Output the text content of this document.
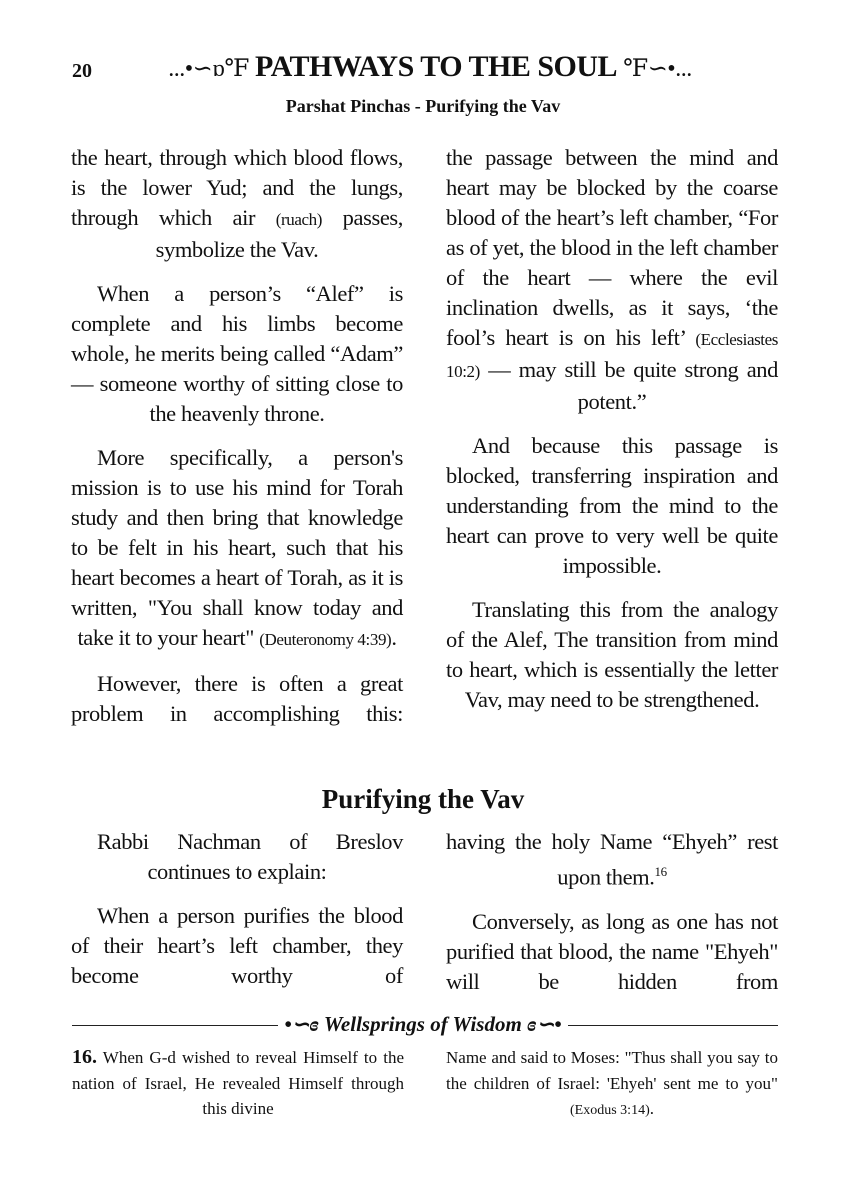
20	...•∽ɒ℉ PATHWAYS TO THE SOUL ℉∽•...
Parshat Pinchas - Purifying the Vav

the heart, through which blood flows, is the lower Yud; and the lungs, through which air (ruach) passes, symbolize the Vav.

When a person’s “Alef” is complete and his limbs become whole, he merits being called “Adam” — someone worthy of sitting close to the heavenly throne.

More specifically, a person's mission is to use his mind for Torah study and then bring that knowledge to be felt in his heart, such that his heart becomes a heart of Torah, as it is written, "You shall know today and take it to your heart" (Deuteronomy 4:39).

However, there is often a great problem in accomplishing this:

the passage between the mind and heart may be blocked by the coarse blood of the heart’s left chamber, “For as of yet, the blood in the left chamber of the heart — where the evil inclination dwells, as it says, ‘the fool’s heart is on his left’ (Ecclesiastes 10:2) — may still be quite strong and potent.”

And because this passage is blocked, transferring inspiration and understanding from the mind to the heart can prove to very well be quite impossible.

Translating this from the analogy of the Alef, The transition from mind to heart, which is essentially the letter Vav, may need to be strengthened.

Purifying the Vav

Rabbi Nachman of Breslov continues to explain:

When a person purifies the blood of their heart’s left chamber, they become worthy of

having the holy Name “Ehyeh” rest upon them.$^{16}$

Conversely, as long as one has not purified that blood, the name "Ehyeh" will be hidden from

•∽ɞ Wellsprings of Wisdom ɞ∽•
16. When G-d wished to reveal Himself to the nation of Israel, He revealed Himself through this divine
Name and said to Moses: "Thus shall you say to the children of Israel: 'Ehyeh' sent me to you" (Exodus 3:14).
